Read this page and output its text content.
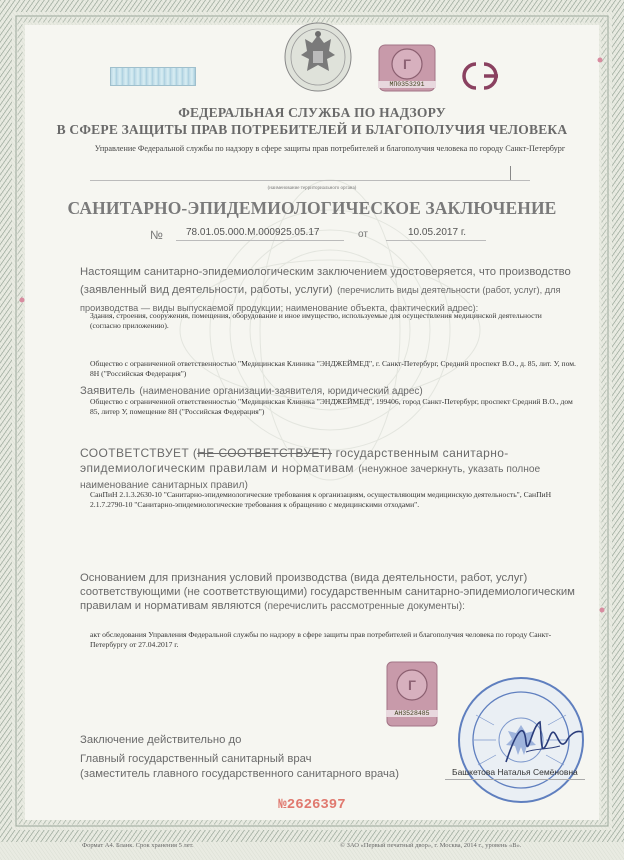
Г
МП0353291
ФЕДЕРАЛЬНАЯ СЛУЖБА ПО НАДЗОРУ
В СФЕРЕ ЗАЩИТЫ ПРАВ ПОТРЕБИТЕЛЕЙ И БЛАГОПОЛУЧИЯ ЧЕЛОВЕКА
Управление Федеральной службы по надзору в сфере защиты прав потребителей и благополучия человека по городу Санкт-Петербург
(наименование территориального органа)
САНИТАРНО-ЭПИДЕМИОЛОГИЧЕСКОЕ ЗАКЛЮЧЕНИЕ
№ 78.01.05.000.М.000925.05.17	от	10.05.2017 г.
Настоящим санитарно-эпидемиологическим заключением удостоверяется, что производство (заявленный вид деятельности, работы, услуги) (перечислить виды деятельности (работ, услуг), для производства — виды выпускаемой продукции; наименование объекта, фактический адрес):
Здания, строения, сооружения, помещения, оборудование и иное имущество, используемые для осуществления медицинской деятельности (согласно приложению).
Общество с ограниченной ответственностью "Медицинская Клиника "ЭНДЖЕЙМЕД", г. Санкт-Петербург, Средний проспект В.О., д. 85, лит. У, пом. 8Н ("Российская Федерация")
Заявитель (наименование организации-заявителя, юридический адрес)
Общество с ограниченной ответственностью "Медицинская Клиника "ЭНДЖЕЙМЕД", 199406, город Санкт-Петербург, проспект Средний В.О., дом 85, литер У, помещение 8Н ("Российская Федерация")
СООТВЕТСТВУЕТ (НЕ СООТВЕТСТВУЕТ) государственным санитарно-эпидемиологическим правилам и нормативам (ненужное зачеркнуть, указать полное наименование санитарных правил)
СанПиН 2.1.3.2630-10 "Санитарно-эпидемиологические требования к организациям, осуществляющим медицинскую деятельность", СанПиН 2.1.7.2790-10 "Санитарно-эпидемиологические требования к обращению с медицинскими отходами".
Основанием для признания условий производства (вида деятельности, работ, услуг) соответствующими (не соответствующими) государственным санитарно-эпидемиологическим правилам и нормативам являются (перечислить рассмотренные документы):
акт обследования Управления Федеральной службы по надзору в сфере защиты прав потребителей и благополучия человека по городу Санкт-Петербургу от 27.04.2017 г.
Г
АН3528485
Заключение действительно до
Главный государственный санитарный врач
(заместитель главного государственного санитарного врача)	Башкетова Наталья Семёновна
№2626397
Формат А4. Бланк. Срок хранения 5 лет.	© ЗАО «Первый печатный двор», г. Москва, 2014 г., уровень «В».
